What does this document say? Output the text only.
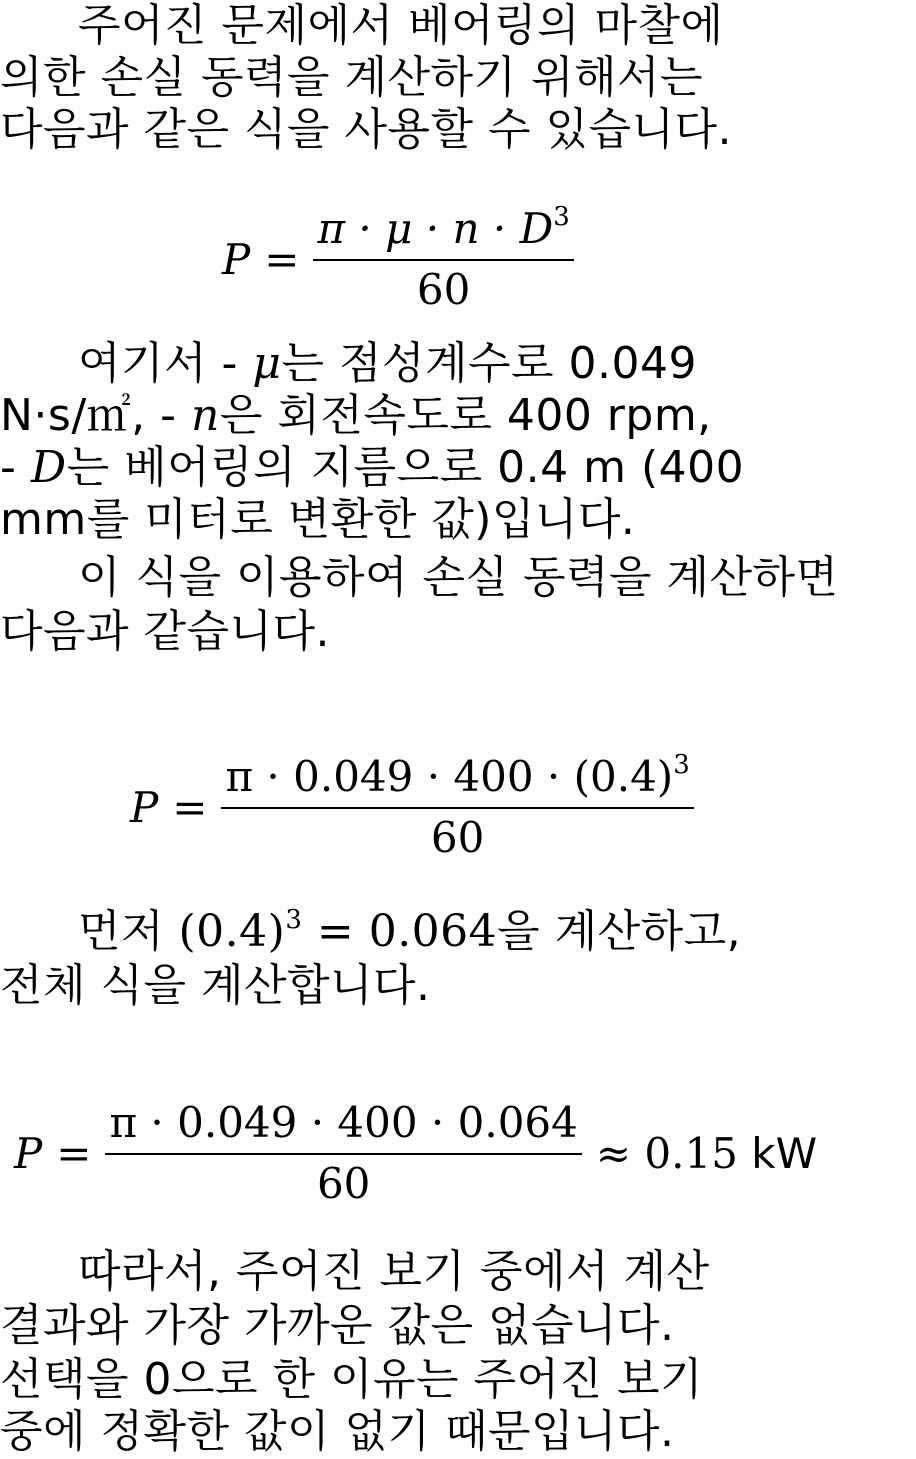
주어진 문제에서 베어링의 마찰에
의한 손실 동력을 계산하기 위해서는
다음과 같은 식을 사용할 수 있습니다.
$P = \frac{\pi \cdot \mu \cdot n \cdot D^3}{60}$
여기서 - μ는 점성계수로 0.049
N·s/㎡, - n은 회전속도로 400 rpm,
- D는 베어링의 지름으로 0.4 m (400
mm를 미터로 변환한 값)입니다.
이 식을 이용하여 손실 동력을 계산하면
다음과 같습니다.
$P = \frac{\pi \cdot 0.049 \cdot 400 \cdot (0.4)^3}{60}$
먼저 $(0.4)^3 = 0.064$을 계산하고,
전체 식을 계산합니다.
$P = \frac{\pi \cdot 0.049 \cdot 400 \cdot 0.064}{60} \approx 0.15$ kW
따라서, 주어진 보기 중에서 계산
결과와 가장 가까운 값은 없습니다.
선택을 0으로 한 이유는 주어진 보기
중에 정확한 값이 없기 때문입니다.
